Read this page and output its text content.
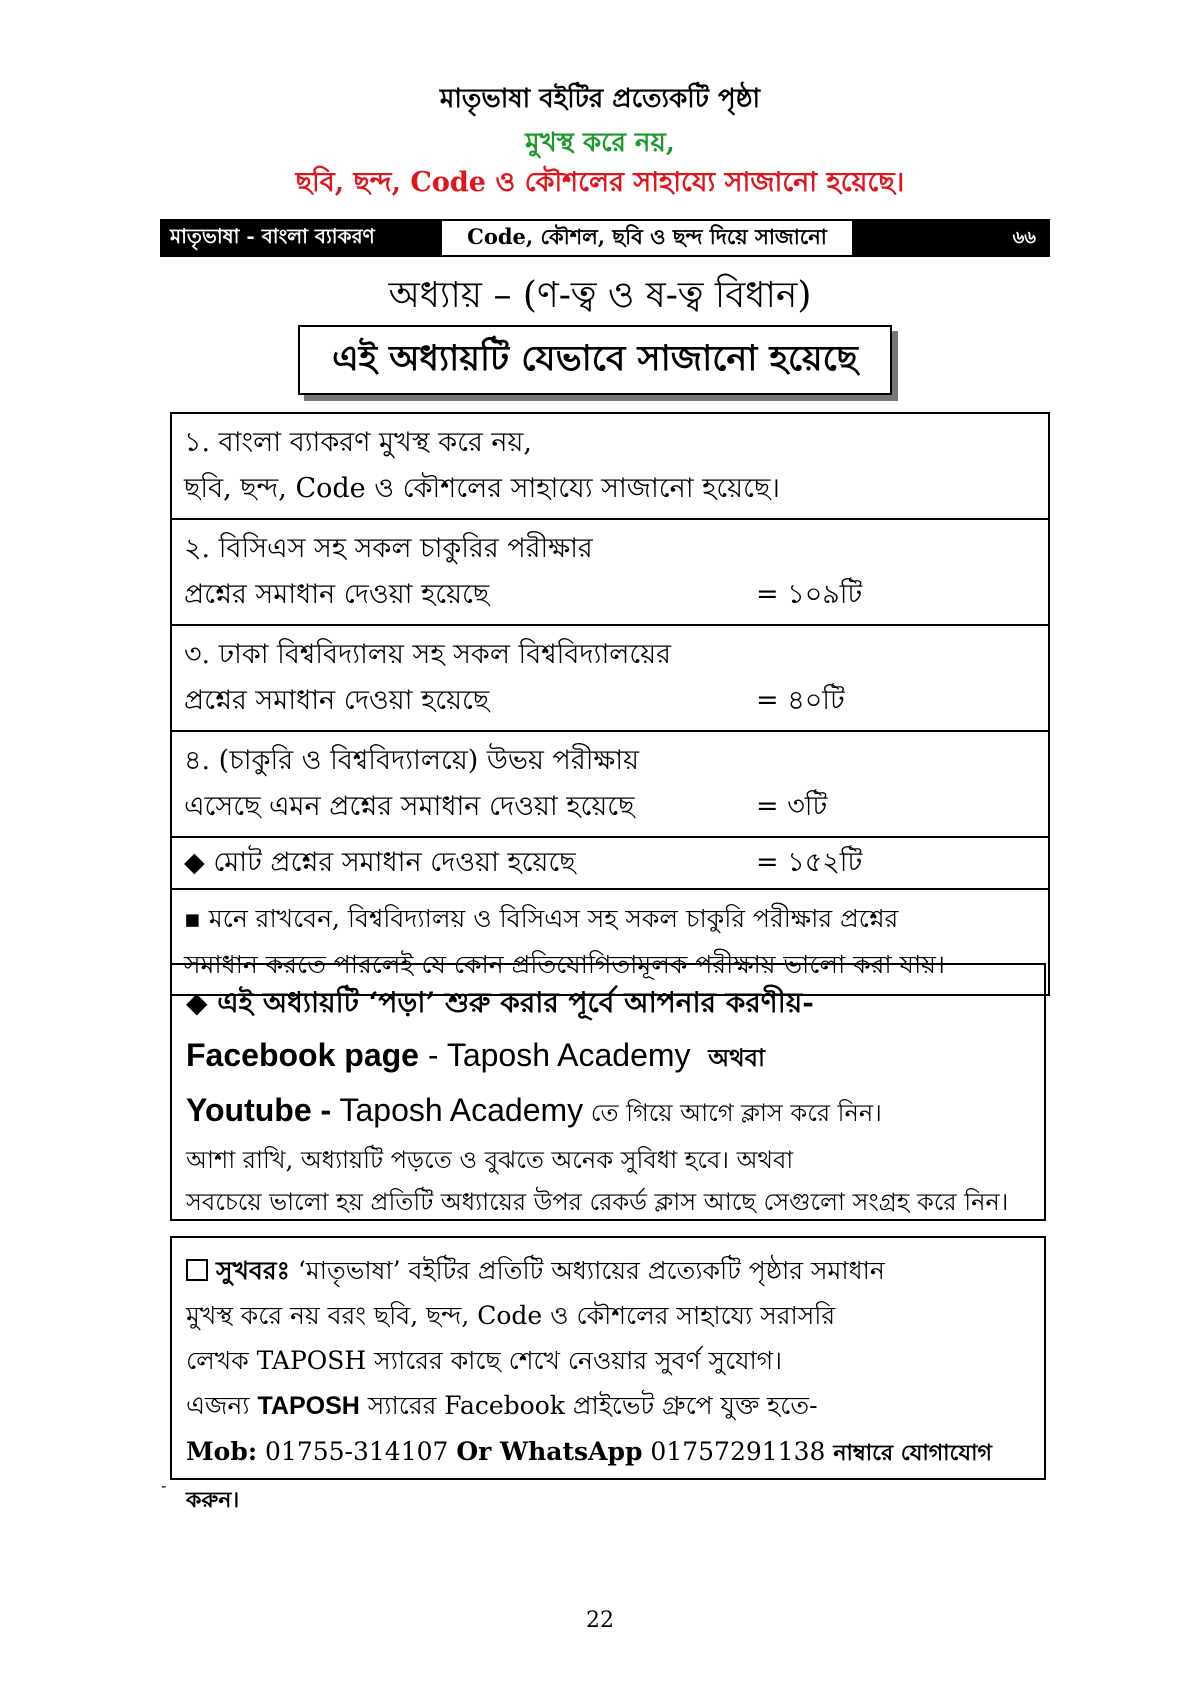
মাতৃভাষা বইটির প্রত্যেকটি পৃষ্ঠা
মুখস্থ করে নয়,
ছবি, ছন্দ, Code ও কৌশলের সাহায্যে সাজানো হয়েছে।
মাতৃভাষা - বাংলা ব্যাকরণ	Code, কৌশল, ছবি ও ছন্দ দিয়ে সাজানো	৬৬
অধ্যায় – (ণ-ত্ব ও ষ-ত্ব বিধান)
এই অধ্যায়টি যেভাবে সাজানো হয়েছে
১. বাংলা ব্যাকরণ মুখস্থ করে নয়,
ছবি, ছন্দ, Code ও কৌশলের সাহায্যে সাজানো হয়েছে।
২. বিসিএস সহ সকল চাকুরির পরীক্ষার
প্রশ্নের সমাধান দেওয়া হয়েছে	= ১০৯টি
৩. ঢাকা বিশ্ববিদ্যালয় সহ সকল বিশ্ববিদ্যালয়ের
প্রশ্নের সমাধান দেওয়া হয়েছে	= ৪০টি
৪. (চাকুরি ও বিশ্ববিদ্যালয়ে) উভয় পরীক্ষায়
এসেছে এমন প্রশ্নের সমাধান দেওয়া হয়েছে	= ৩টি
◆ মোট প্রশ্নের সমাধান দেওয়া হয়েছে	= ১৫২টি
▪ মনে রাখবেন, বিশ্ববিদ্যালয় ও বিসিএস সহ সকল চাকুরি পরীক্ষার প্রশ্নের
সমাধান করতে পারলেই যে কোন প্রতিযোগিতামূলক পরীক্ষায় ভালো করা যায়।
◆ এই অধ্যায়টি ‘পড়া’ শুরু করার পূর্বে আপনার করণীয়-
Facebook page - Taposh Academy অথবা
Youtube - Taposh Academy তে গিয়ে আগে ক্লাস করে নিন।
আশা রাখি, অধ্যায়টি পড়তে ও বুঝতে অনেক সুবিধা হবে। অথবা
সবচেয়ে ভালো হয় প্রতিটি অধ্যায়ের উপর রেকর্ড ক্লাস আছে সেগুলো সংগ্রহ করে নিন।
সুখবরঃ ‘মাতৃভাষা’ বইটির প্রতিটি অধ্যায়ের প্রত্যেকটি পৃষ্ঠার সমাধান
মুখস্থ করে নয় বরং ছবি, ছন্দ, Code ও কৌশলের সাহায্যে সরাসরি
লেখক TAPOSH স্যারের কাছে শেখে নেওয়ার সুবর্ণ সুযোগ।
এজন্য TAPOSH স্যারের Facebook প্রাইভেট গ্রুপে যুক্ত হতে-
Mob: 01755-314107 Or WhatsApp 01757291138 নাম্বারে যোগাযোগ করুন।
-
22
